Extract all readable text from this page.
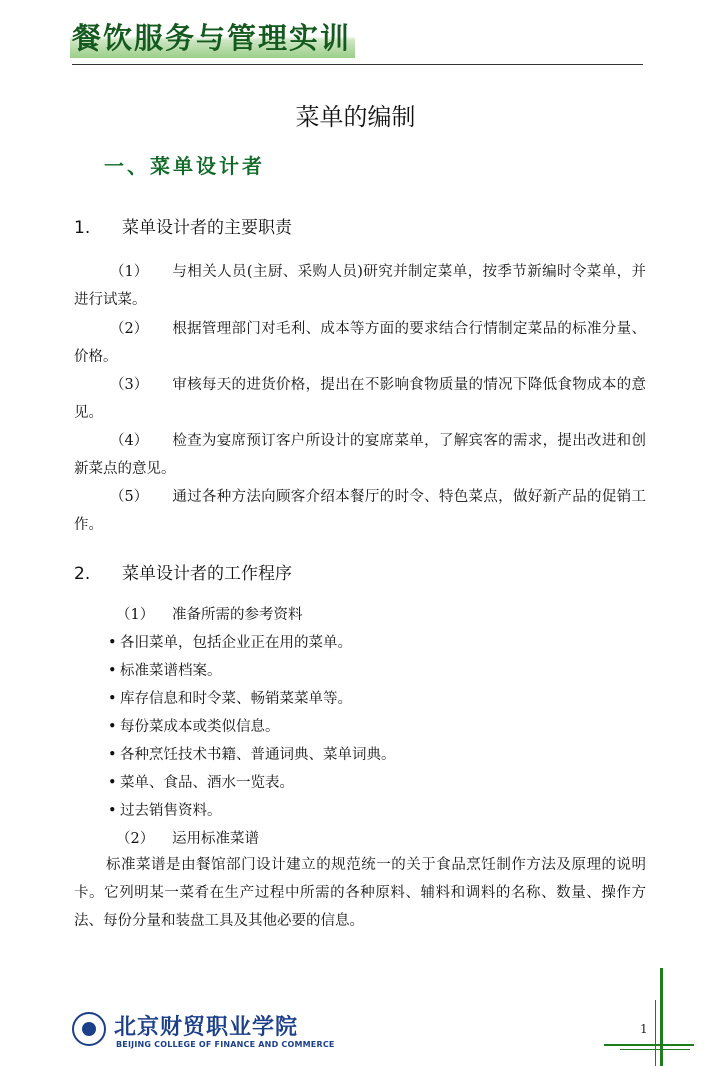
餐饮服务与管理实训
菜单的编制
一、菜单设计者
1. 菜单设计者的主要职责
（1） 与相关人员(主厨、采购人员)研究并制定菜单，按季节新编时令菜单，并进行试菜。
（2） 根据管理部门对毛利、成本等方面的要求结合行情制定菜品的标准分量、价格。
（3） 审核每天的进货价格，提出在不影响食物质量的情况下降低食物成本的意见。
（4） 检查为宴席预订客户所设计的宴席菜单，了解宾客的需求，提出改进和创新菜点的意见。
（5） 通过各种方法向顾客介绍本餐厅的时令、特色菜点，做好新产品的促销工作。
2. 菜单设计者的工作程序
（1） 准备所需的参考资料
• 各旧菜单，包括企业正在用的菜单。
• 标准菜谱档案。
• 库存信息和时令菜、畅销菜菜单等。
• 每份菜成本或类似信息。
• 各种烹饪技术书籍、普通词典、菜单词典。
• 菜单、食品、酒水一览表。
• 过去销售资料。
（2） 运用标准菜谱
标准菜谱是由餐馆部门设计建立的规范统一的关于食品烹饪制作方法及原理的说明卡。它列明某一菜肴在生产过程中所需的各种原料、辅料和调料的名称、数量、操作方法、每份分量和装盘工具及其他必要的信息。
北京财贸职业学院
BEIJING COLLEGE OF FINANCE AND COMMERCE
1
